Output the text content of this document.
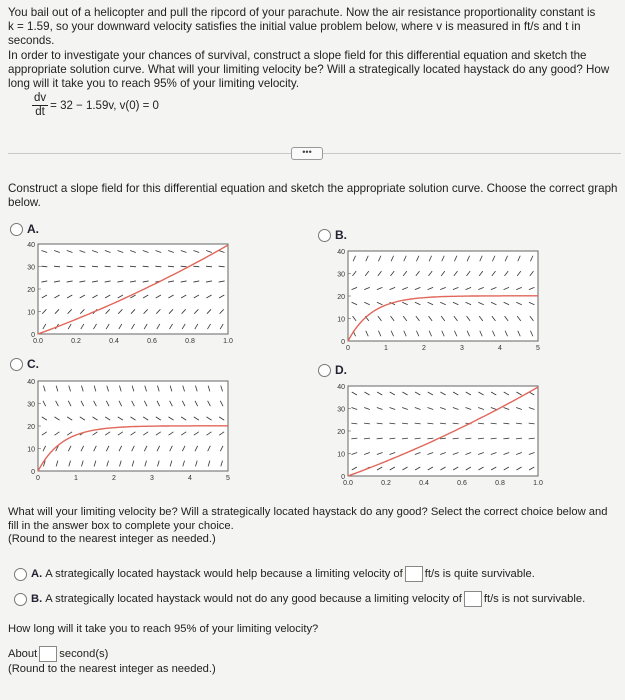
You bail out of a helicopter and pull the ripcord of your parachute. Now the air resistance proportionality constant is
k = 1.59, so your downward velocity satisfies the initial value problem below, where v is measured in ft/s and t in seconds.
In order to investigate your chances of survival, construct a slope field for this differential equation and sketch the
appropriate solution curve. What will your limiting velocity be? Will a strategically located haystack do any good? How
long will it take you to reach 95% of your limiting velocity.
$\frac{dv}{dt} = 32 - 1.59v$, v(0) = 0
•••
Construct a slope field for this differential equation and sketch the appropriate solution curve. Choose the correct graph
below.
A.	B.
C.	D.
40
30
20
10
0
0.0	0.2	0.4	0.6	0.8	1.0
40
30
20
10
0
0	1	2	3	4	5
40
30
20
10
0
0	1	2	3	4	5
40
30
20
10
0
0.0	0.2	0.4	0.6	0.8	1.0
What will your limiting velocity be? Will a strategically located haystack do any good? Select the correct choice below and
fill in the answer box to complete your choice.
(Round to the nearest integer as needed.)
A. A strategically located haystack would help because a limiting velocity of ft/s is quite survivable.
B. A strategically located haystack would not do any good because a limiting velocity of ft/s is not survivable.
How long will it take you to reach 95% of your limiting velocity?
About second(s)
(Round to the nearest integer as needed.)
